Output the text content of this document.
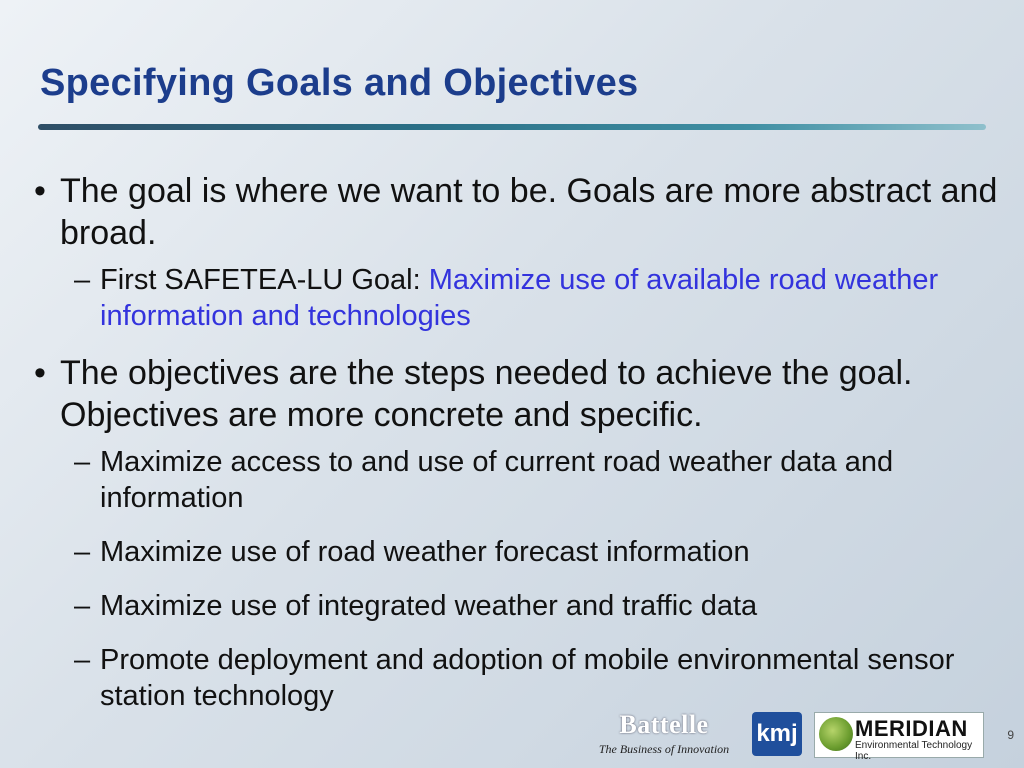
Specifying Goals and Objectives
• The goal is where we want to be. Goals are more abstract and broad.
– First SAFETEA-LU Goal: Maximize use of available road weather information and technologies
• The objectives are the steps needed to achieve the goal. Objectives are more concrete and specific.
– Maximize access to and use of current road weather data and information
– Maximize use of road weather forecast information
– Maximize use of integrated weather and traffic data
– Promote deployment and adoption of mobile environmental sensor station technology
Battelle
The Business of Innovation
kmj	MERIDIAN
Environmental Technology Inc.
9
